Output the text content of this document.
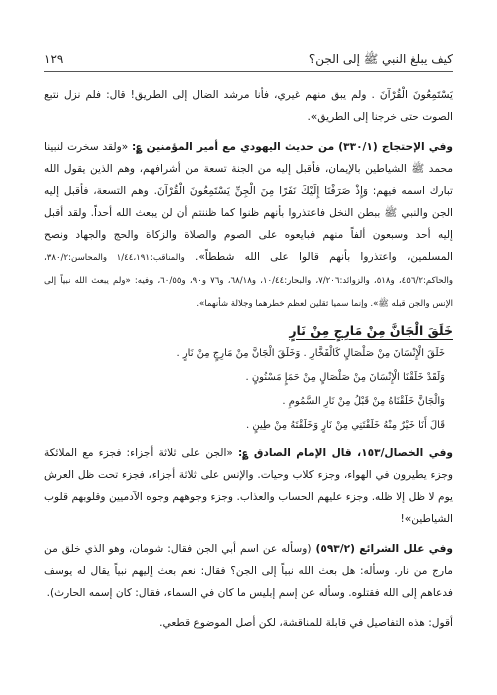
كيف يبلغ النبي ﷺ إلى الجن؟
١٢٩

يَسْتَمِعُونَ الْقُرْآنَ . ولم يبق منهم غيري، فأنا مرشد الضال إلى الطريق! قال: فلم نزل نتبع الصوت حتى خرجنا إلى الطريق».

وفي الإحتجاج (٣٣٠/١) من حديث اليهودي مع أمير المؤمنين ؏: «ولقد سخرت لنبينا محمد ﷺ الشياطين بالإيمان، فأقبل إليه من الجنة تسعة من أشرافهم، وهم الذين يقول الله تبارك اسمه فيهم: وَإِذْ صَرَفْنَا إِلَيْكَ نَفَرًا مِنَ الْجِنِّ يَسْتَمِعُونَ الْقُرْآنَ. وهم التسعة، فأقبل إليه الجن والنبي ﷺ ببطن النخل فاعتذروا بأنهم ظنوا كما ظننتم أن لن يبعث الله أحداً. ولقد أقبل إليه أحد وسبعون ألفاً منهم فبايعوه على الصوم والصلاة والزكاة والحج والجهاد ونصح المسلمين، واعتذروا بأنهم قالوا على الله شططاً». والمناقب:١/٤٤،١٩١ والمحاسن:٣٨٠/٢، والحاكم:٤٥٦/٢، و٥١٨، والزوائد:٧/٢٠٦، والبحار:١٠/٤٤، و٦٨/١٨، و٧٦ و٩٠، و٦٠/٥٥، وفيه: «ولم يبعث الله نبياً إلى الإنس والجن قبله ﷺ». وإنما سميا ثقلين لعظم خطرهما وجلالة شأنهما».

خَلَقَ الْجَانَّ مِنْ مَارِجٍ مِنْ نَارٍ
خَلَقَ الْإِنْسَانَ مِنْ صَلْصَالٍ كَالْفَخَّارِ . وَخَلَقَ الْجَانَّ مِنْ مَارِجٍ مِنْ نَارٍ .
وَلَقَدْ خَلَقْنَا الْإِنْسَانَ مِنْ صَلْصَالٍ مِنْ حَمَإٍ مَسْنُونٍ .
وَالْجَانَّ خَلَقْنَاهُ مِنْ قَبْلُ مِنْ نَارِ السَّمُومِ .
قَالَ أَنَا خَيْرٌ مِنْهُ خَلَقْتَنِي مِنْ نَارٍ وَخَلَقْتَهُ مِنْ طِينٍ .

وفي الخصال/١٥٣، قال الإمام الصادق ؏: «الجن على ثلاثة أجزاء: فجزء مع الملائكة وجزء يطيرون في الهواء، وجزء كلاب وحيات. والإنس على ثلاثة أجزاء، فجزء تحت ظل العرش يوم لا ظل إلا ظله. وجزء عليهم الحساب والعذاب. وجزء وجوههم وجوه الآدميين وقلوبهم قلوب الشياطين»!

وفي علل الشرائع (٥٩٣/٢) (وسأله عن اسم أبي الجن فقال: شومان، وهو الذي خلق من مارج من نار. وسأله: هل بعث الله نبياً إلى الجن؟ فقال: نعم بعث إليهم نبياً يقال له يوسف فدعاهم إلى الله فقتلوه. وسأله عن إسم إبليس ما كان في السماء، فقال: كان إسمه الحارث).

أقول: هذه التفاصيل في قابلة للمناقشة، لكن أصل الموضوع قطعي.
